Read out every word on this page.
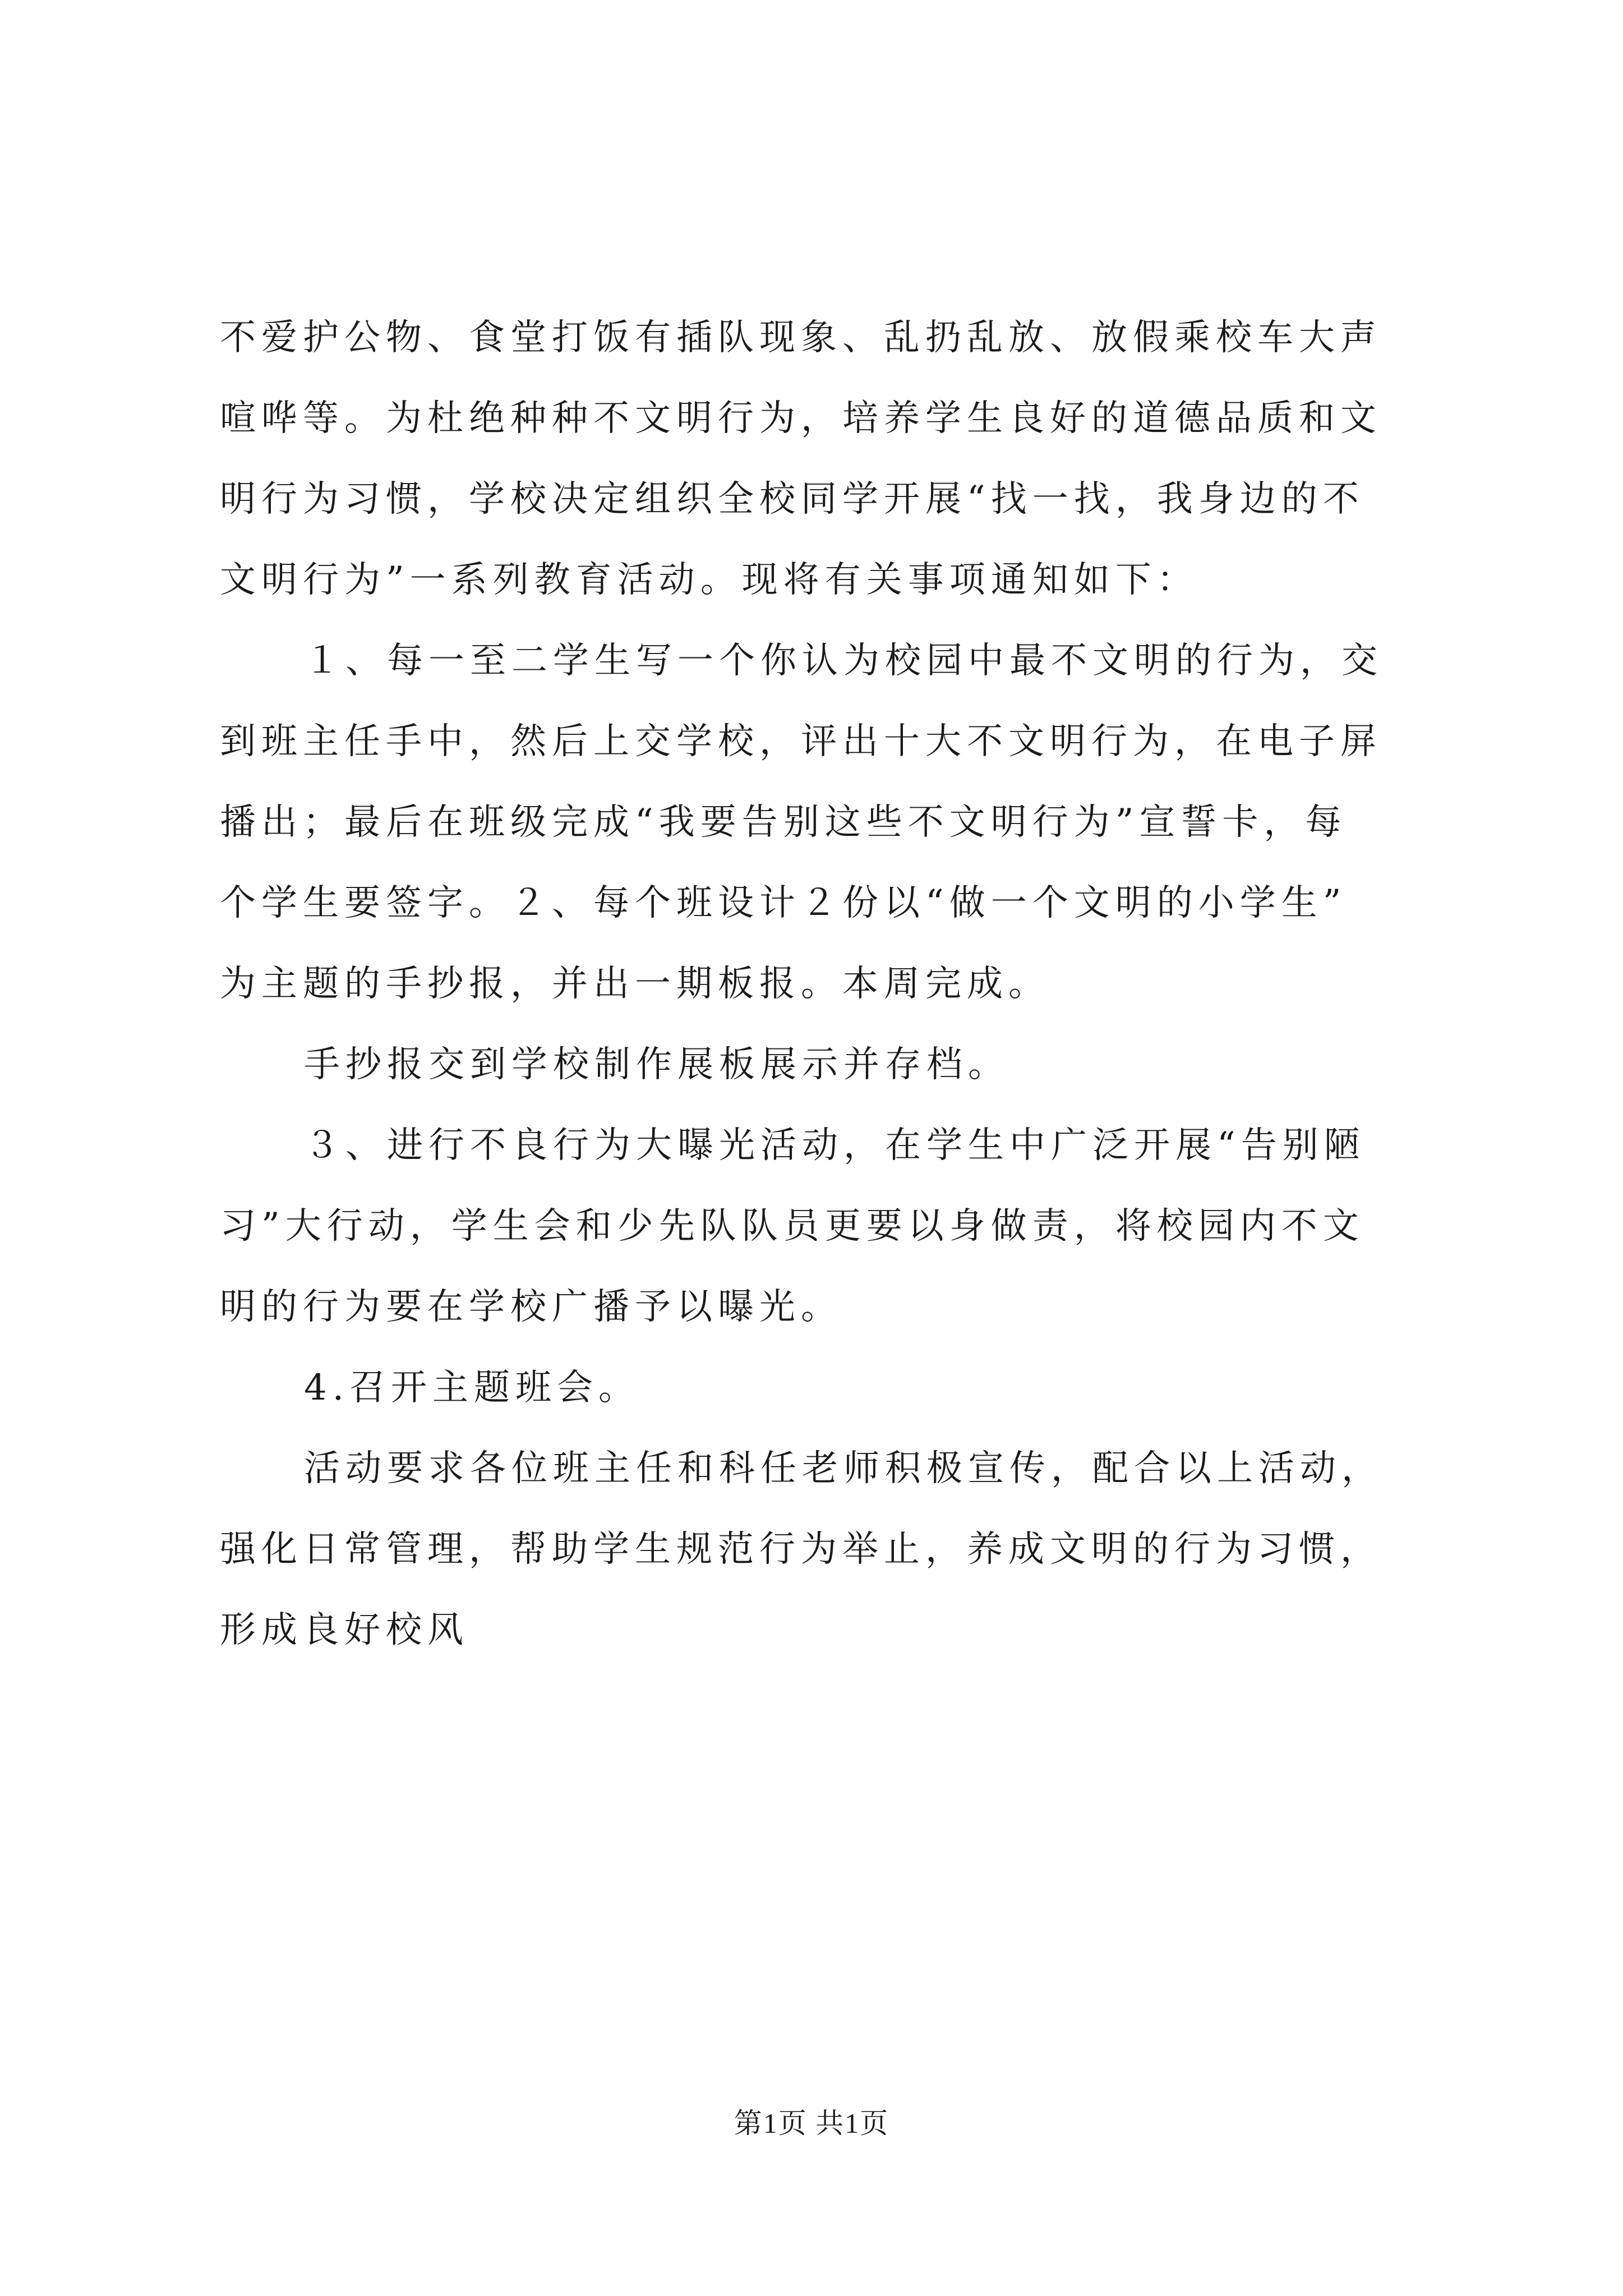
不爱护公物、食堂打饭有插队现象、乱扔乱放、放假乘校车大声
喧哗等。为杜绝种种不文明行为，培养学生良好的道德品质和文
明行为习惯，学校决定组织全校同学开展“找一找，我身边的不
文明行为”一系列教育活动。现将有关事项通知如下：
１、每一至二学生写一个你认为校园中最不文明的行为，交
到班主任手中，然后上交学校，评出十大不文明行为，在电子屏
播出；最后在班级完成“我要告别这些不文明行为”宣誓卡，每
个学生要签字。２、每个班设计２份以“做一个文明的小学生”
为主题的手抄报，并出一期板报。本周完成。
手抄报交到学校制作展板展示并存档。
３、进行不良行为大曝光活动，在学生中广泛开展“告别陋
习”大行动，学生会和少先队队员更要以身做责，将校园内不文
明的行为要在学校广播予以曝光。
4.召开主题班会。
活动要求各位班主任和科任老师积极宣传，配合以上活动，
强化日常管理，帮助学生规范行为举止，养成文明的行为习惯，
形成良好校风
第1页 共1页
